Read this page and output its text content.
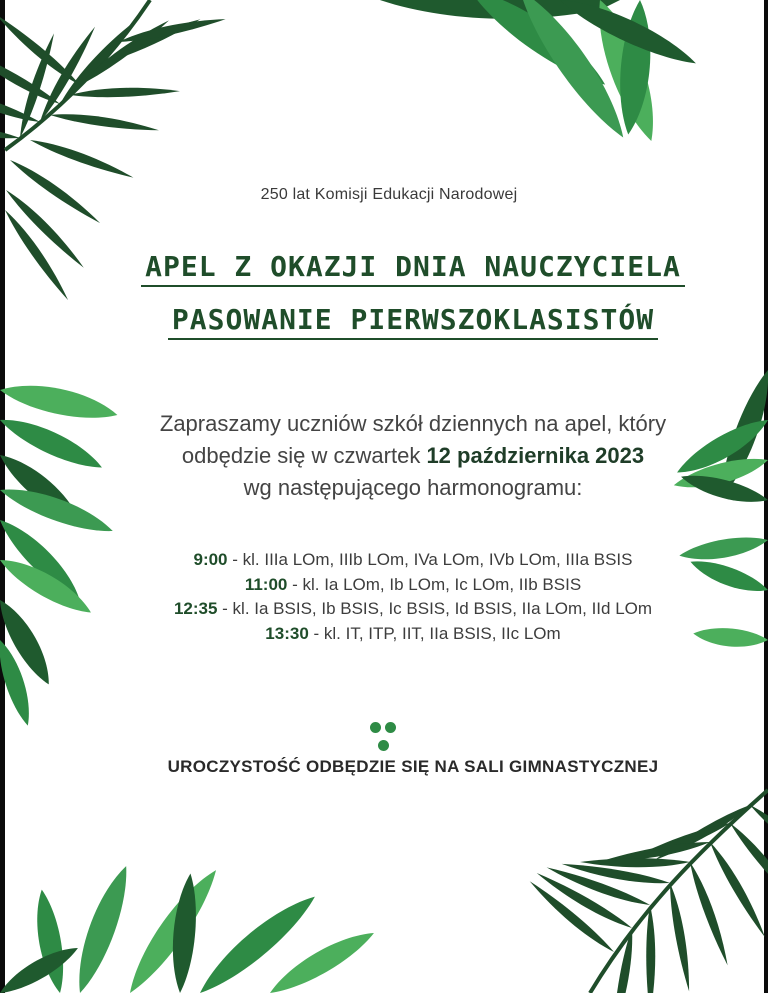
250 lat Komisji Edukacji Narodowej
APEL Z OKAZJI DNIA NAUCZYCIELA
PASOWANIE PIERWSZOKLASISTÓW
Zapraszamy uczniów szkół dziennych na apel, który
odbędzie się w czwartek 12 października 2023
wg następującego harmonogramu:
9:00 - kl. IIIa LOm, IIIb LOm, IVa LOm, IVb LOm, IIIa BSIS
11:00 - kl. Ia LOm, Ib LOm, Ic LOm, IIb BSIS
12:35 - kl. Ia BSIS, Ib BSIS, Ic BSIS, Id BSIS, IIa LOm, IId LOm
13:30 - kl. IT, ITP, IIT, IIa BSIS, IIc LOm
UROCZYSTOŚĆ ODBĘDZIE SIĘ NA SALI GIMNASTYCZNEJ
